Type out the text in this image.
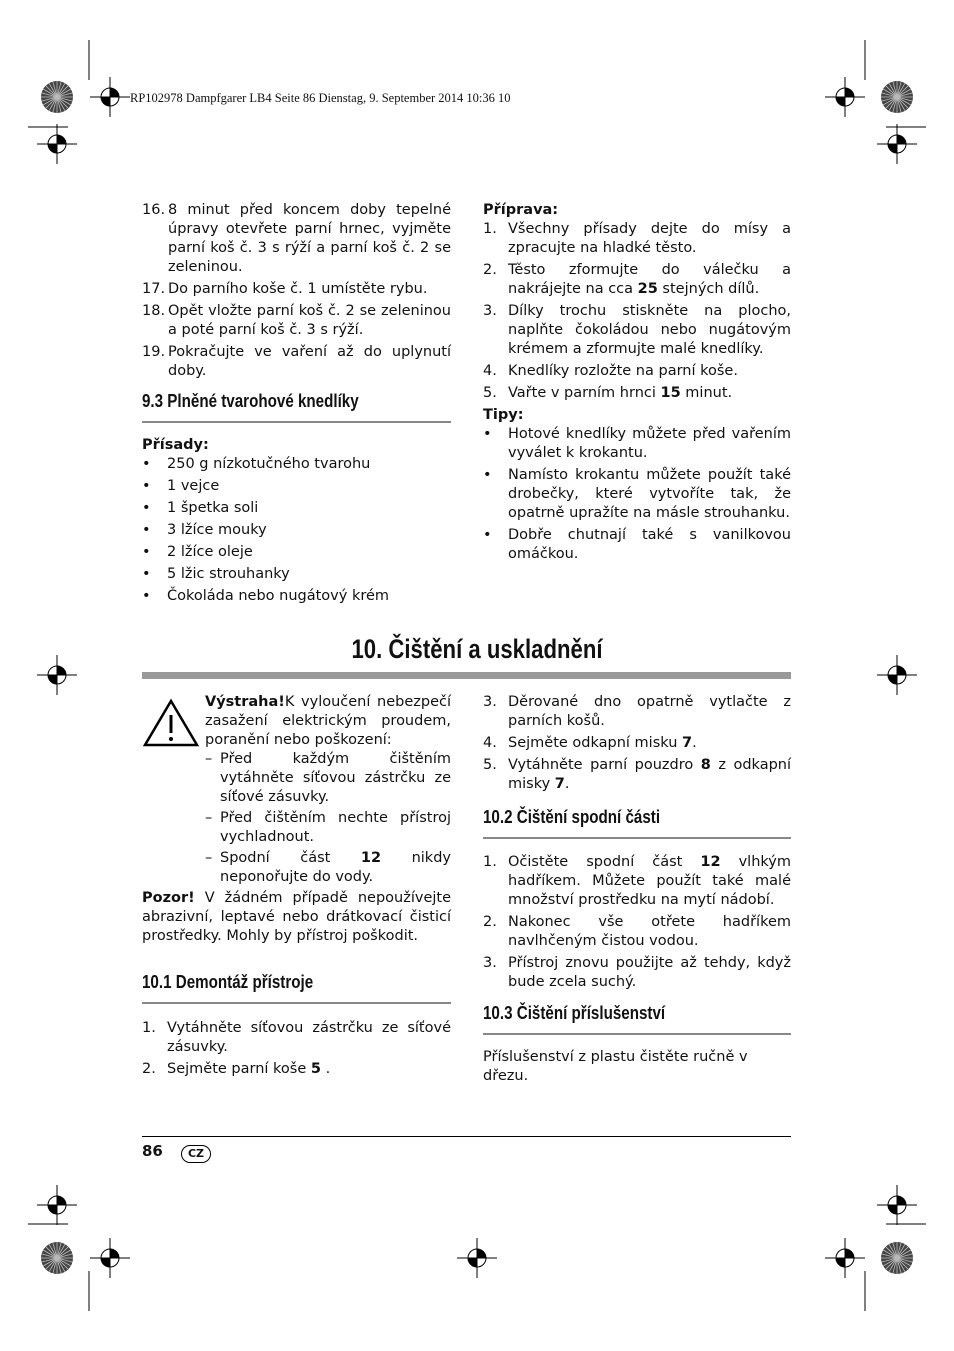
RP102978 Dampfgarer LB4 Seite 86 Dienstag, 9. September 2014 10:36 10
16. 8 minut před koncem doby tepelné úpravy otevřete parní hrnec, vyjměte parní koš č. 3 s rýží a parní koš č. 2 se zeleninou.
17. Do parního koše č. 1 umístěte rybu.
18. Opět vložte parní koš č. 2 se zeleninou a poté parní koš č. 3 s rýží.
19. Pokračujte ve vaření až do uplynutí doby.
9.3 Plněné tvarohové knedlíky

Přísady:

•	250 g nízkotučného tvarohu
•	1 vejce
•	1 špetka soli
•	3 lžíce mouky
•	2 lžíce oleje
•	5 lžic strouhanky
•	Čokoláda nebo nugátový krém

Příprava:

1. Všechny přísady dejte do mísy a zpracujte na hladké těsto.
2. Těsto zformujte do válečku a nakrájejte na cca 25 stejných dílů.
3. Dílky trochu stiskněte na plocho, naplňte čokoládou nebo nugátovým krémem a zformujte malé knedlíky.
4. Knedlíky rozložte na parní koše.
5. Vařte v parním hrnci 15 minut.

Tipy:

•	Hotové knedlíky můžete před vařením vyválet k krokantu.
•	Namísto krokantu můžete použít také drobečky, které vytvoříte tak, že opatrně upražíte na másle strouhanku.
•	Dobře chutnají také s vanilkovou omáčkou.
10. Čištění a uskladnění

Výstraha!K vyloučení nebezpečí zasažení elektrickým proudem, poranění nebo poškození:

– Před každým čištěním vytáhněte síťovou zástrčku ze síťové zásuvky.
– Před čištěním nechte přístroj vychladnout.
– Spodní část 12 nikdy neponořujte do vody.

Pozor! V žádném případě nepoužívejte abrazivní, leptavé nebo drátkovací čisticí prostředky. Mohly by přístroj poškodit.

10.1 Demontáž přístroje
1. Vytáhněte síťovou zástrčku ze síťové zásuvky.
2. Sejměte parní koše 5 .
3. Děrované dno opatrně vytlačte z parních košů.
4. Sejměte odkapní misku 7.
5. Vytáhněte parní pouzdro 8 z odkapní misky 7.
10.2 Čištění spodní části
1. Očistěte spodní část 12 vlhkým hadříkem. Můžete použít také malé množství prostředku na mytí nádobí.
2. Nakonec vše otřete hadříkem navlhčeným čistou vodou.
3. Přístroj znovu použijte až tehdy, když bude zcela suchý.
10.3 Čištění příslušenství
Příslušenství z plastu čistěte ručně v dřezu.
86	CZ
